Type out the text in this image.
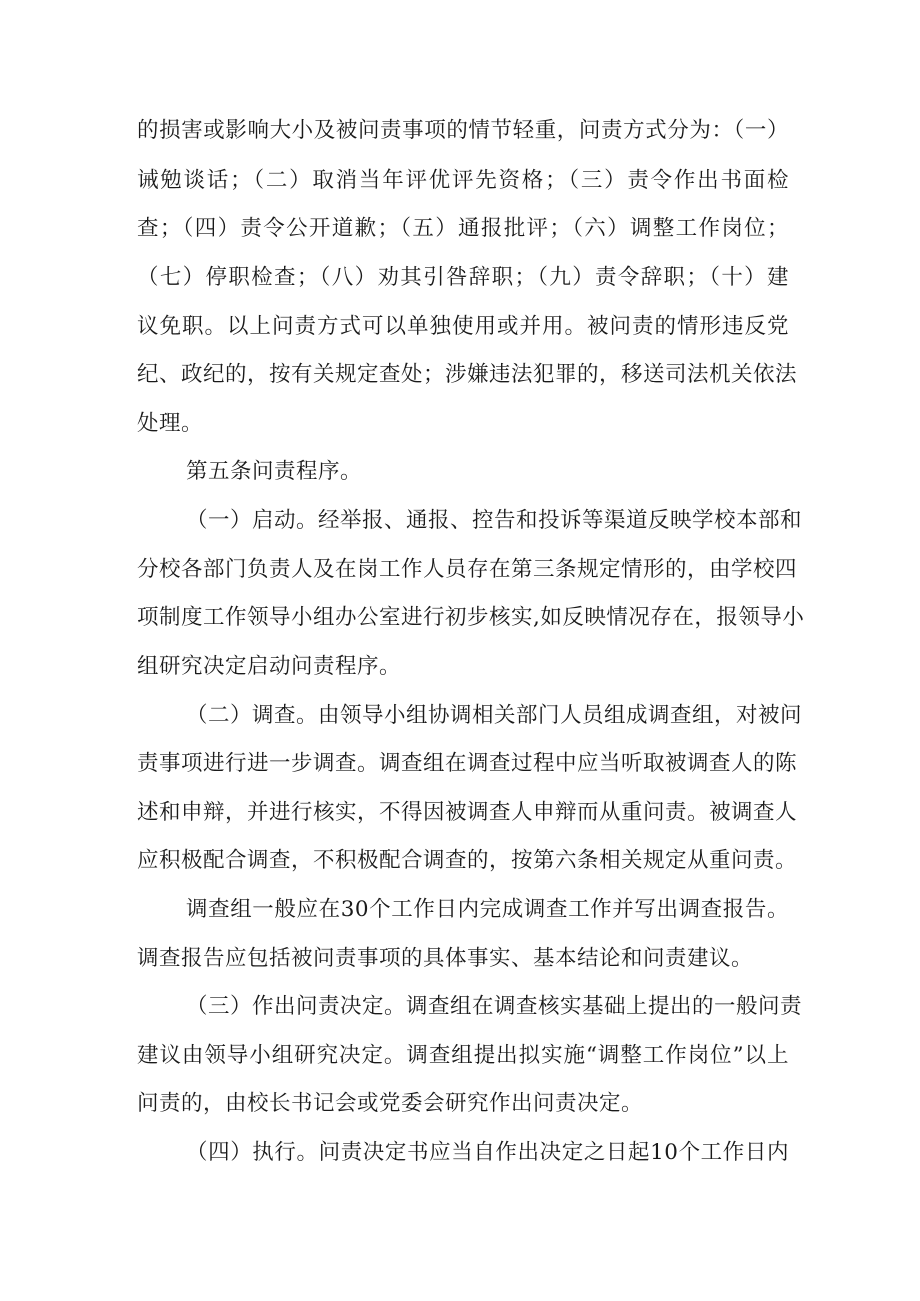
的损害或影响大小及被问责事项的情节轻重，问责方式分为：（一）
诫勉谈话；（二）取消当年评优评先资格；（三）责令作出书面检
查；（四）责令公开道歉；（五）通报批评；（六）调整工作岗位；
（七）停职检查；（八）劝其引咎辞职；（九）责令辞职；（十）建
议免职。以上问责方式可以单独使用或并用。被问责的情形违反党
纪、政纪的，按有关规定查处；涉嫌违法犯罪的，移送司法机关依法
处理。
第五条问责程序。
（一）启动。经举报、通报、控告和投诉等渠道反映学校本部和
分校各部门负责人及在岗工作人员存在第三条规定情形的，由学校四
项制度工作领导小组办公室进行初步核实,如反映情况存在，报领导小
组研究决定启动问责程序。
（二）调查。由领导小组协调相关部门人员组成调查组，对被问
责事项进行进一步调查。调查组在调查过程中应当听取被调查人的陈
述和申辩，并进行核实，不得因被调查人申辩而从重问责。被调查人
应积极配合调查，不积极配合调查的，按第六条相关规定从重问责。
调查组一般应在30个工作日内完成调查工作并写出调查报告。
调查报告应包括被问责事项的具体事实、基本结论和问责建议。
（三）作出问责决定。调查组在调查核实基础上提出的一般问责
建议由领导小组研究决定。调查组提出拟实施“调整工作岗位”以上
问责的，由校长书记会或党委会研究作出问责决定。
（四）执行。问责决定书应当自作出决定之日起10个工作日内
